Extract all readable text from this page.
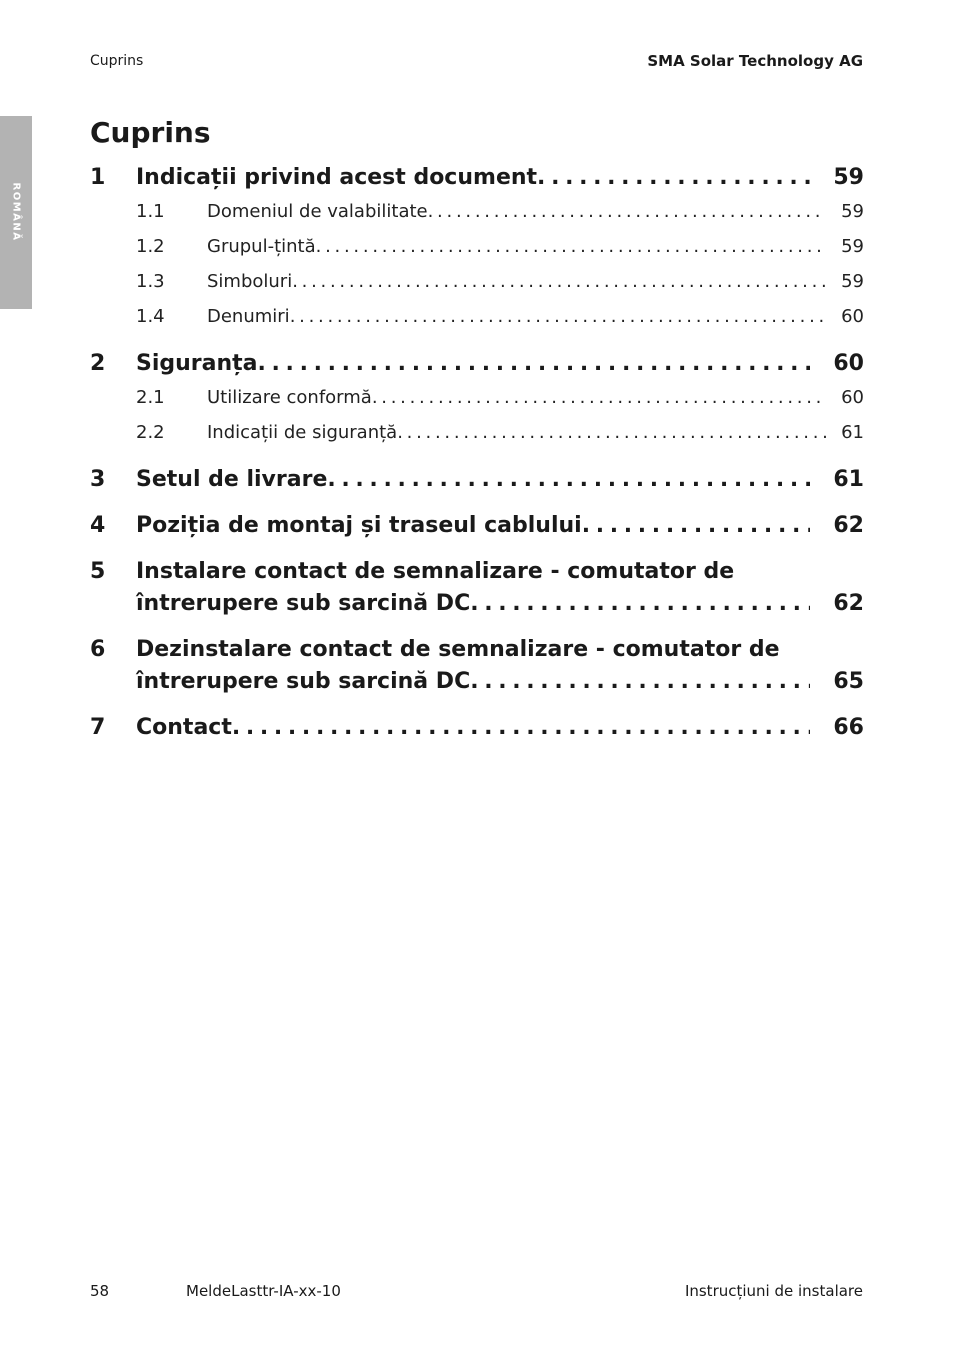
Cuprins	SMA Solar Technology AG
ROMÂNĂ
Cuprins
1	Indicații privind acest document . . .	59
1.1	Domeniul de valabilitate . . .	59
1.2	Grupul-țintă . . .	59
1.3	Simboluri . . .	59
1.4	Denumiri . . .	60
2	Siguranța . . .	60
2.1	Utilizare conformă . . .	60
2.2	Indicații de siguranță . . .	61
3	Setul de livrare . . .	61
4	Poziția de montaj și traseul cablului . . .	62
5	Instalare contact de semnalizare - comutator de
întrerupere sub sarcină DC . . .	62
6	Dezinstalare contact de semnalizare - comutator de
întrerupere sub sarcină DC . . .	65
7	Contact . . .	66
58	MeldeLasttr-IA-xx-10	Instrucțiuni de instalare
